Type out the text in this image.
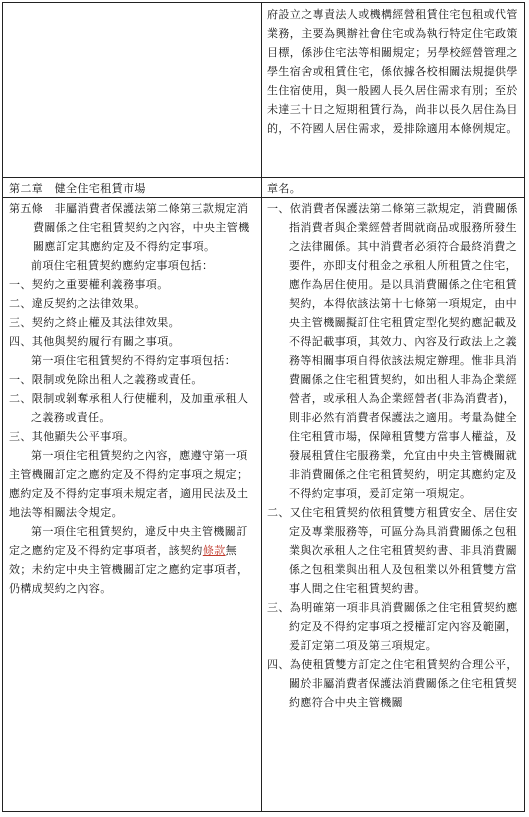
府設立之專責法人或機構經營租賃住宅包租或代管業務，主要為興辦社會住宅或為執行特定住宅政策目標，係涉住宅法等相關規定；另學校經營管理之學生宿舍或租賃住宅，係依據各校相關法規提供學生住宿使用，與一般國人長久居住需求有別；至於未達三十日之短期租賃行為，尚非以長久居住為目的，不符國人居住需求，爰排除適用本條例規定。

第二章　健全住宅租賃市場	章名。

第五條　非屬消費者保護法第二條第三款規定消費關係之住宅租賃契約之內容，中央主管機關應訂定其應約定及不得約定事項。

前項住宅租賃契約應約定事項包括：

一、契約之重要權利義務事項。

二、違反契約之法律效果。

三、契約之終止權及其法律效果。

四、其他與契約履行有關之事項。

第一項住宅租賃契約不得約定事項包括：

一、限制或免除出租人之義務或責任。

二、限制或剝奪承租人行使權利，及加重承租人之義務或責任。

三、其他顯失公平事項。

第一項住宅租賃契約之內容，應遵守第一項主管機關訂定之應約定及不得約定事項之規定；應約定及不得約定事項未規定者，適用民法及土地法等相關法令規定。

第一項住宅租賃契約，違反中央主管機關訂定之應約定及不得約定事項者，該契約條款無效；未約定中央主管機關訂定之應約定事項者，仍構成契約之內容。

一、依消費者保護法第二條第三款規定，消費關係指消費者與企業經營者間就商品或服務所發生之法律關係。其中消費者必須符合最終消費之要件，亦即支付租金之承租人所租賃之住宅，應作為居住使用。是以具消費關係之住宅租賃契約，本得依該法第十七條第一項規定，由中央主管機關擬訂住宅租賃定型化契約應記載及不得記載事項，其效力、內容及行政法上之義務等相關事項自得依該法規定辦理。惟非具消費關係之住宅租賃契約，如出租人非為企業經營者，或承租人為企業經營者(非為消費者)，則非必然有消費者保護法之適用。考量為健全住宅租賃市場，保障租賃雙方當事人權益，及發展租賃住宅服務業，允宜由中央主管機關就非消費關係之住宅租賃契約，明定其應約定及不得約定事項，爰訂定第一項規定。

二、又住宅租賃契約依租賃雙方租賃安全、居住安定及專業服務等，可區分為具消費關係之包租業與次承租人之住宅租賃契約書、非具消費關係之包租業與出租人及包租業以外租賃雙方當事人間之住宅租賃契約書。

三、為明確第一項非具消費關係之住宅租賃契約應約定及不得約定事項之授權訂定內容及範圍，爰訂定第二項及第三項規定。

四、為使租賃雙方訂定之住宅租賃契約合理公平，關於非屬消費者保護法消費關係之住宅租賃契約應符合中央主管機關
